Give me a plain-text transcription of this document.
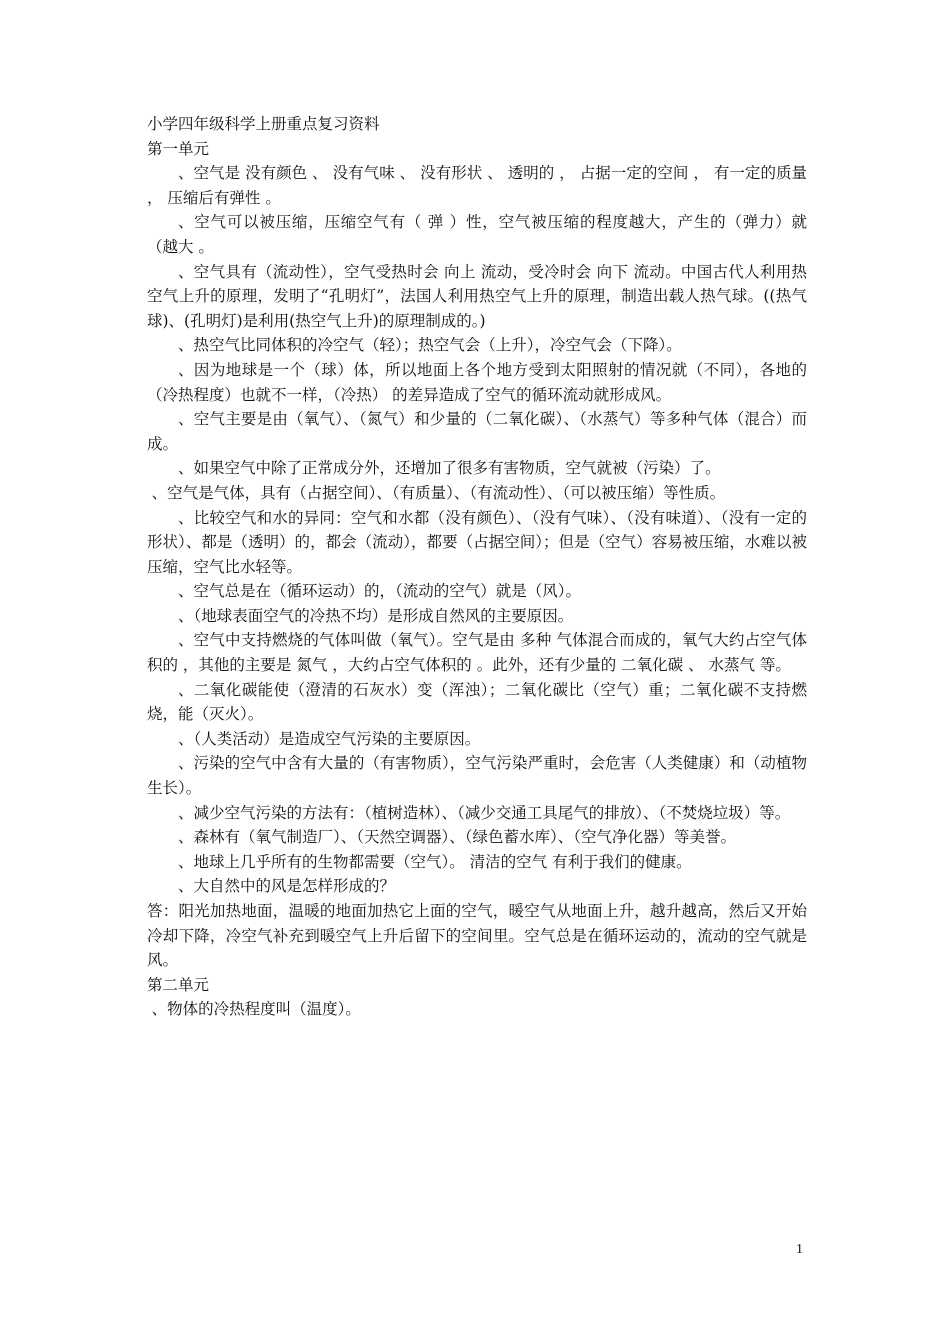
小学四年级科学上册重点复习资料

第一单元

、空气是 没有颜色 、 没有气味 、 没有形状 、 透明的 ， 占据一定的空间 ， 有一定的质量 ， 压缩后有弹性 。

、空气可以被压缩，压缩空气有（ 弹 ）性，空气被压缩的程度越大，产生的（弹力）就（越大 。

、空气具有（流动性），空气受热时会 向上 流动，受冷时会 向下 流动。中国古代人利用热空气上升的原理，发明了“孔明灯”，法国人利用热空气上升的原理，制造出载人热气球。((热气球)、(孔明灯)是利用(热空气上升)的原理制成的。)

、热空气比同体积的冷空气（轻）；热空气会（上升），冷空气会（下降）。

、因为地球是一个（球）体，所以地面上各个地方受到太阳照射的情况就（不同），各地的（冷热程度）也就不一样，（冷热） 的差异造成了空气的循环流动就形成风。

、空气主要是由（氧气）、（氮气）和少量的（二氧化碳）、（水蒸气）等多种气体（混合）而成。

、如果空气中除了正常成分外，还增加了很多有害物质，空气就被（污染）了。

、空气是气体，具有（占据空间）、（有质量）、（有流动性）、（可以被压缩）等性质。

、比较空气和水的异同：空气和水都（没有颜色）、（没有气味）、（没有味道）、（没有一定的形状）、都是（透明）的，都会（流动），都要（占据空间）；但是（空气）容易被压缩，水难以被压缩，空气比水轻等。

、空气总是在（循环运动）的，（流动的空气）就是（风）。

、（地球表面空气的冷热不均）是形成自然风的主要原因。

、空气中支持燃烧的气体叫做（氧气）。空气是由 多种 气体混合而成的，氧气大约占空气体积的 ，其他的主要是 氮气 ，大约占空气体积的 。此外，还有少量的 二氧化碳 、 水蒸气 等。

、二氧化碳能使（澄清的石灰水）变（浑浊）；二氧化碳比（空气）重；二氧化碳不支持燃烧，能（灭火）。

、（人类活动）是造成空气污染的主要原因。

、污染的空气中含有大量的（有害物质），空气污染严重时，会危害（人类健康）和（动植物生长）。

、减少空气污染的方法有：（植树造林）、（减少交通工具尾气的排放）、（不焚烧垃圾）等。

、森林有（氧气制造厂）、（天然空调器）、（绿色蓄水库）、（空气净化器）等美誉。

、地球上几乎所有的生物都需要（空气）。 清洁的空气 有利于我们的健康。

、大自然中的风是怎样形成的？

答：阳光加热地面，温暖的地面加热它上面的空气，暖空气从地面上升，越升越高，然后又开始冷却下降，冷空气补充到暖空气上升后留下的空间里。空气总是在循环运动的，流动的空气就是风。

第二单元

、物体的冷热程度叫（温度）。

1
